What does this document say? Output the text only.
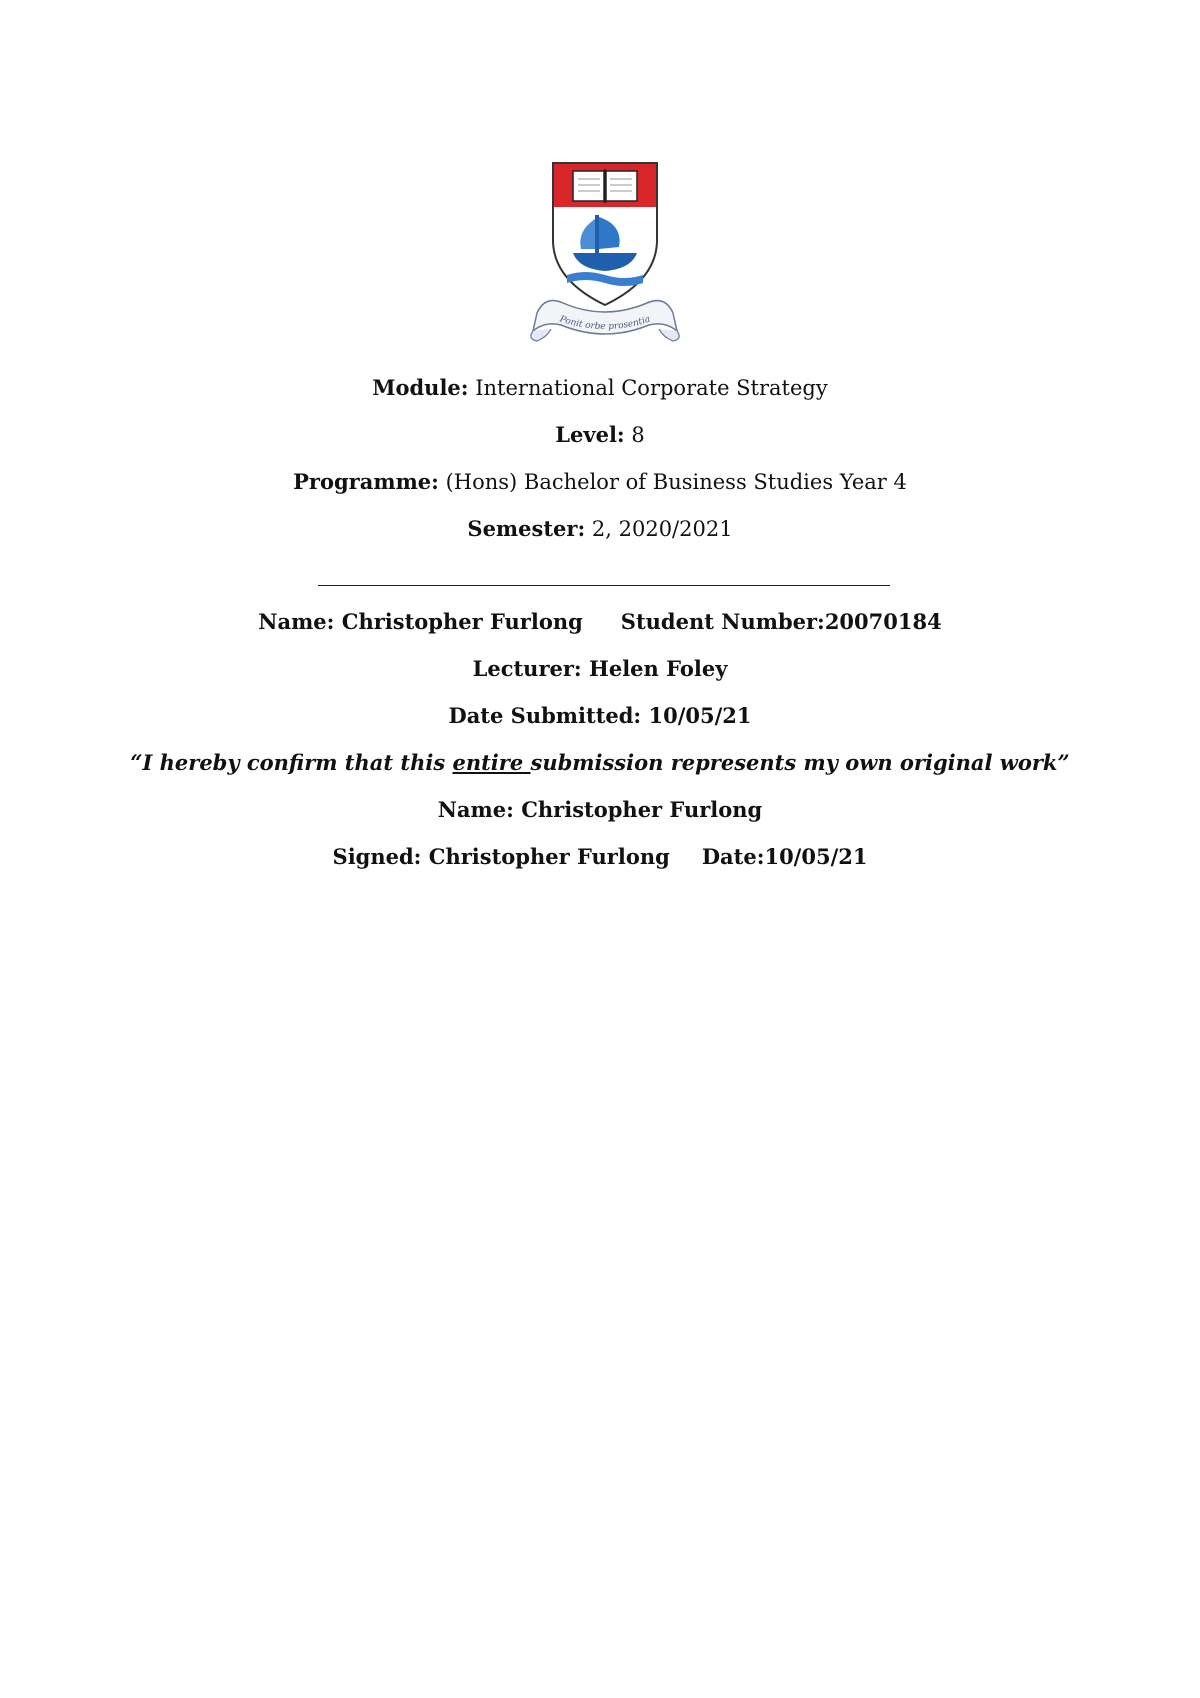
Ponit orbe prosentia
Module: International Corporate Strategy
Level: 8
Programme: (Hons) Bachelor of Business Studies Year 4
Semester: 2, 2020/2021
Name: Christopher Furlong Student Number:20070184
Lecturer: Helen Foley
Date Submitted: 10/05/21
“I hereby confirm that this entire submission represents my own original work”
Name: Christopher Furlong
Signed: Christopher Furlong Date:10/05/21
